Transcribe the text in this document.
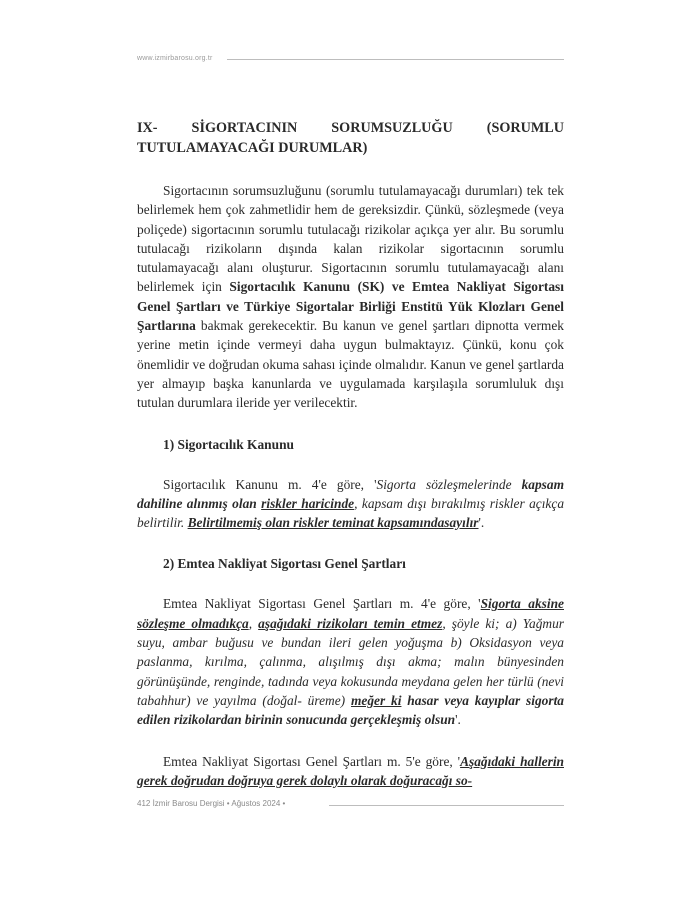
www.izmirbarosu.org.tr

IX- SİGORTACININ SORUMSUZLUĞU (SORUMLU TUTULAMAYACAĞI DURUMLAR)

Sigortacının sorumsuzluğunu (sorumlu tutulamayacağı durumları) tek tek belirlemek hem çok zahmetlidir hem de gereksizdir. Çünkü, sözleşmede (veya poliçede) sigortacının sorumlu tutulacağı rizikolar açıkça yer alır. Bu sorumlu tutulacağı rizikoların dışında kalan rizikolar sigortacının sorumlu tutulamayacağı alanı oluşturur. Sigortacının sorumlu tutulamayacağı alanı belirlemek için Sigortacılık Kanunu (SK) ve Emtea Nakliyat Sigortası Genel Şartları ve Türkiye Sigortalar Birliği Enstitü Yük Klozları Genel Şartlarına bakmak gerekecektir. Bu kanun ve genel şartları dipnotta vermek yerine metin içinde vermeyi daha uygun bulmaktayız. Çünkü, konu çok önemlidir ve doğrudan okuma sahası içinde olmalıdır. Kanun ve genel şartlarda yer almayıp başka kanunlarda ve uygulamada karşılaşıla sorumluluk dışı tutulan durumlara ileride yer verilecektir.

1) Sigortacılık Kanunu

Sigortacılık Kanunu m. 4'e göre, 'Sigorta sözleşmelerinde kapsam dahiline alınmış olan riskler haricinde, kapsam dışı bırakılmış riskler açıkça belirtilir. Belirtilmemiş olan riskler teminat kapsamındasayılır'.

2) Emtea Nakliyat Sigortası Genel Şartları

Emtea Nakliyat Sigortası Genel Şartları m. 4'e göre, 'Sigorta aksine sözleşme olmadıkça, aşağıdaki rizikoları temin etmez, şöyle ki; a) Yağmur suyu, ambar buğusu ve bundan ileri gelen yoğuşma b) Oksidasyon veya paslanma, kırılma, çalınma, alışılmış dışı akma; malın bünyesinden görünüşünde, renginde, tadında veya kokusunda meydana gelen her türlü (nevi tabahhur) ve yayılma (doğal- üreme) meğer ki hasar veya kayıplar sigorta edilen rizikolardan birinin sonucunda gerçekleşmiş olsun'.

Emtea Nakliyat Sigortası Genel Şartları m. 5'e göre, 'Aşağıdaki hallerin gerek doğrudan doğruya gerek dolaylı olarak doğuracağı so-

412 İzmir Barosu Dergisi • Ağustos 2024 •
